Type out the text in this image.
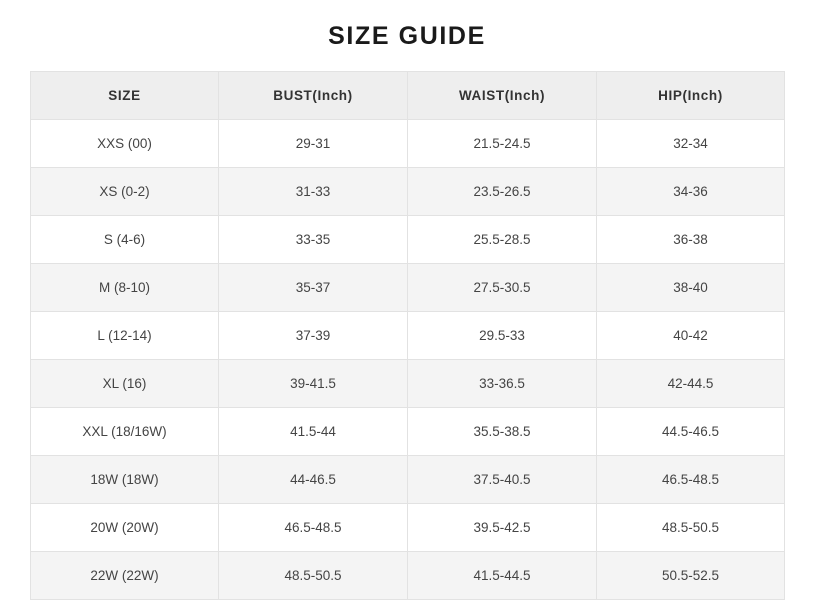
SIZE GUIDE
SIZE	BUST(Inch)	WAIST(Inch)	HIP(Inch)
XXS (00)	29-31	21.5-24.5	32-34
XS (0-2)	31-33	23.5-26.5	34-36
S (4-6)	33-35	25.5-28.5	36-38
M (8-10)	35-37	27.5-30.5	38-40
L (12-14)	37-39	29.5-33	40-42
XL (16)	39-41.5	33-36.5	42-44.5
XXL (18/16W)	41.5-44	35.5-38.5	44.5-46.5
18W (18W)	44-46.5	37.5-40.5	46.5-48.5
20W (20W)	46.5-48.5	39.5-42.5	48.5-50.5
22W (22W)	48.5-50.5	41.5-44.5	50.5-52.5
